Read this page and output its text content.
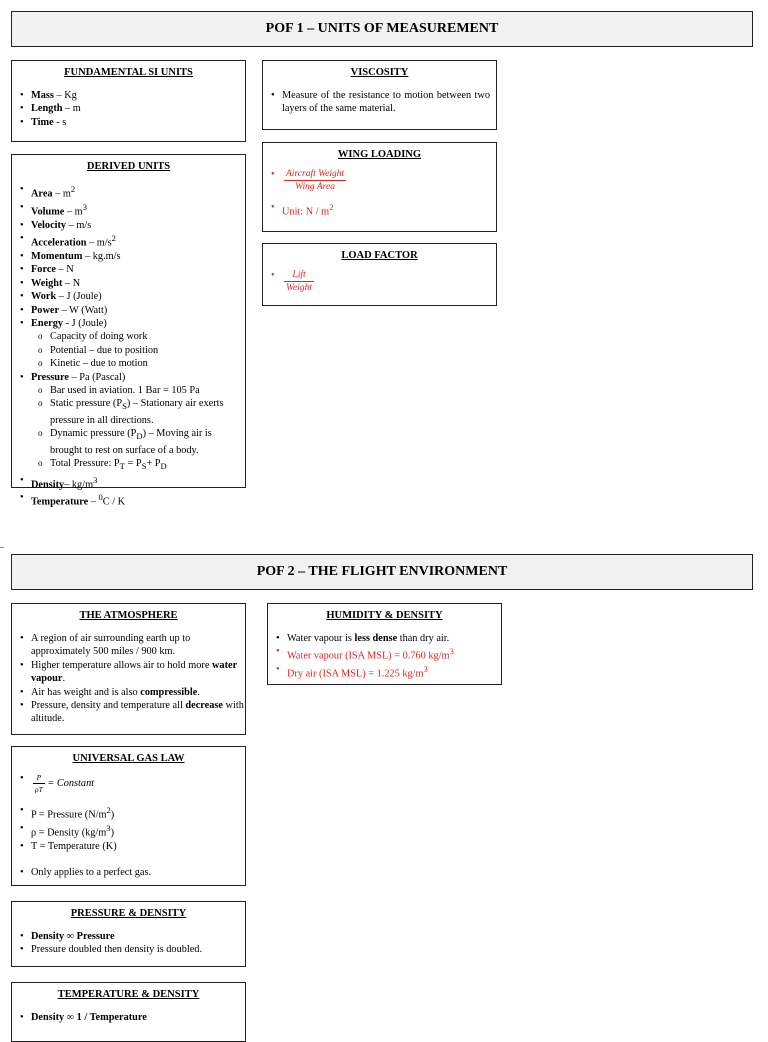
POF 1 – UNITS OF MEASUREMENT
FUNDAMENTAL SI UNITS
• Mass – Kg
• Length – m
• Time - s
DERIVED UNITS
• Area – $m^2$
• Volume – $m^3$
• Velocity – m/s
• Acceleration – $m/s^2$
• Momentum – kg.m/s
• Force – N
• Weight – N
• Work – J (Joule)
• Power – W (Watt)
• Energy - J (Joule)
o Capacity of doing work
o Potential – due to position
o Kinetic – due to motion
• Pressure – Pa (Pascal)
o Bar used in aviation. 1 Bar = 105 Pa
o Static pressure $(P_S)$ – Stationary air exerts pressure in all directions.
o Dynamic pressure $(P_D)$ – Moving air is brought to rest on surface of a body.
o Total Pressure: $P_T = P_S+ P_D$
• Density– $kg/m^3$
• Temperature – $^0$C / K
VISCOSITY
• Measure of the resistance to motion between two layers of the same material.
WING LOADING
• $\frac{\text{Aircraft Weight}}{\text{Wing Area}}$
• Unit: N / $m^2$
LOAD FACTOR
• $\frac{\text{Lift}}{\text{Weight}}$
POF 2 – THE FLIGHT ENVIRONMENT
THE ATMOSPHERE
• A region of air surrounding earth up to approximately 500 miles / 900 km.
• Higher temperature allows air to hold more water vapour.
• Air has weight and is also compressible.
• Pressure, density and temperature all decrease with altitude.
HUMIDITY & DENSITY
• Water vapour is less dense than dry air.
• Water vapour (ISA MSL) = 0.760 $kg/m^3$
• Dry air (ISA MSL) = 1.225 $kg/m^3$
UNIVERSAL GAS LAW
• $\frac{P}{\rho T}$ = Constant
• P = Pressure $(N/m^2)$
• ρ = Density $(kg/m^3)$
• T = Temperature (K)
• Only applies to a perfect gas.
PRESSURE & DENSITY
• Density ∞ Pressure
• Pressure doubled then density is doubled.
TEMPERATURE & DENSITY
• Density ∞ 1 / Temperature
